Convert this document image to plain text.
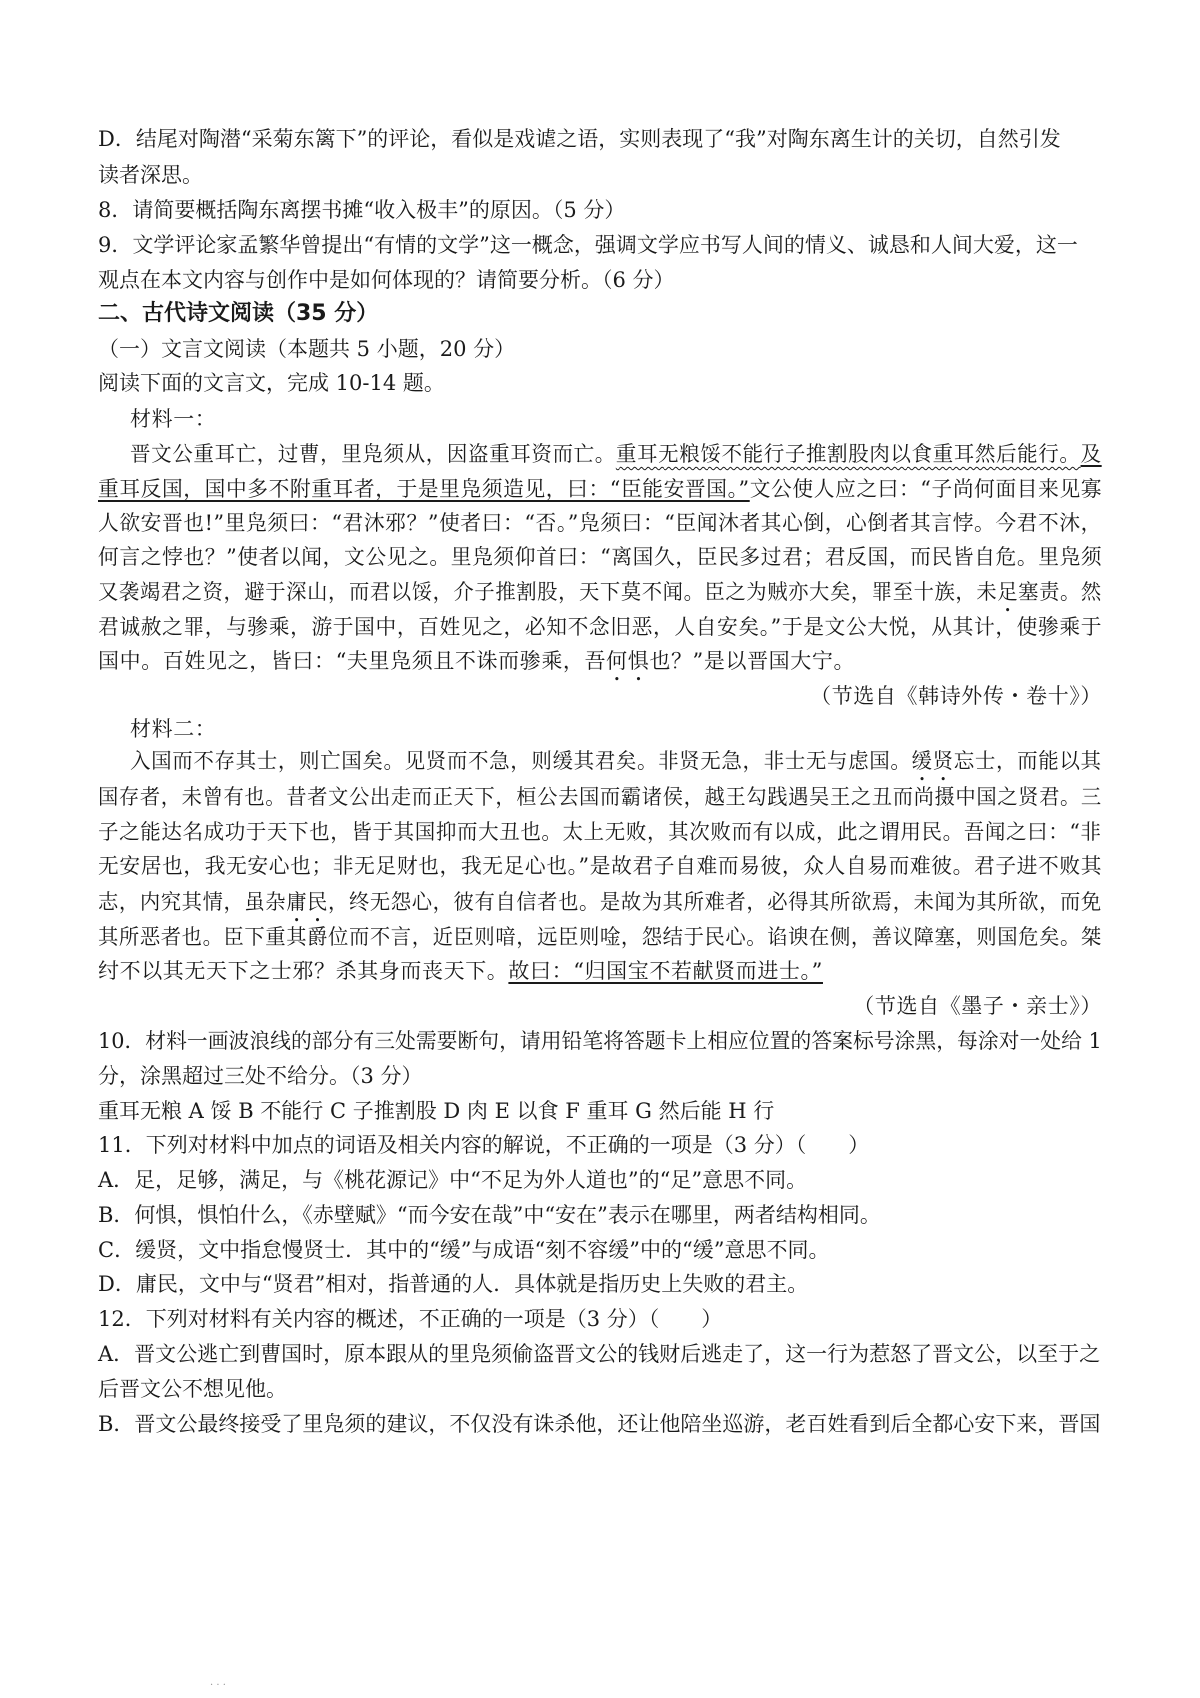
D．结尾对陶潜“采菊东篱下”的评论，看似是戏谑之语，实则表现了“我”对陶东离生计的关切，自然引发
读者深思。
8．请简要概括陶东离摆书摊“收入极丰”的原因。（5 分）
9．文学评论家孟繁华曾提出“有情的文学”这一概念，强调文学应书写人间的情义、诚恳和人间大爱，这一
观点在本文内容与创作中是如何体现的？请简要分析。（6 分）
二、古代诗文阅读（35 分）
（一）文言文阅读（本题共 5 小题，20 分）
阅读下面的文言文，完成 10-14 题。
材料一：
晋文公重耳亡，过曹，里凫须从，因盗重耳资而亡。重耳无粮馁不能行子推割股肉以食重耳然后能行。及
重耳反国，国中多不附重耳者，于是里凫须造见，曰：“臣能安晋国。”文公使人应之曰：“子尚何面目来见寡
人欲安晋也!”里凫须曰：“君沐邪？”使者曰：“否。”凫须曰：“臣闻沐者其心倒，心倒者其言悖。今君不沐，
何言之悖也？”使者以闻，文公见之。里凫须仰首曰：“离国久，臣民多过君；君反国，而民皆自危。里凫须
又袭竭君之资，避于深山，而君以馁，介子推割股，天下莫不闻。臣之为贼亦大矣，罪至十族，未足塞责。然
君诚赦之罪，与骖乘，游于国中，百姓见之，必知不念旧恶，人自安矣。”于是文公大悦，从其计，使骖乘于
国中。百姓见之，皆曰：“夫里凫须且不诛而骖乘，吾何惧也？”是以晋国大宁。
（节选自《韩诗外传・卷十》）
材料二：
入国而不存其士，则亡国矣。见贤而不急，则缓其君矣。非贤无急，非士无与虑国。缓贤忘士，而能以其
国存者，未曾有也。昔者文公出走而正天下，桓公去国而霸诸侯，越王勾践遇吴王之丑而尚摄中国之贤君。三
子之能达名成功于天下也，皆于其国抑而大丑也。太上无败，其次败而有以成，此之谓用民。吾闻之曰：“非
无安居也，我无安心也；非无足财也，我无足心也。”是故君子自难而易彼，众人自易而难彼。君子进不败其
志，内究其情，虽杂庸民，终无怨心，彼有自信者也。是故为其所难者，必得其所欲焉，未闻为其所欲，而免
其所恶者也。臣下重其爵位而不言，近臣则喑，远臣则唫，怨结于民心。谄谀在侧，善议障塞，则国危矣。桀
纣不以其无天下之士邪？杀其身而丧天下。故曰：“归国宝不若献贤而进士。”
（节选自《墨子・亲士》）
10．材料一画波浪线的部分有三处需要断句，请用铅笔将答题卡上相应位置的答案标号涂黑，每涂对一处给 1
分，涂黑超过三处不给分。（3 分）
重耳无粮 A 馁 B 不能行 C 子推割股 D 肉 E 以食 F 重耳 G 然后能 H 行
11．下列对材料中加点的词语及相关内容的解说，不正确的一项是（3 分）（　　）
A．足，足够，满足，与《桃花源记》中“不足为外人道也”的“足”意思不同。
B．何惧，惧怕什么，《赤壁赋》“而今安在哉”中“安在”表示在哪里，两者结构相同。
C．缓贤，文中指怠慢贤士．其中的“缓”与成语“刻不容缓”中的“缓”意思不同。
D．庸民，文中与“贤君”相对，指普通的人．具体就是指历史上失败的君主。
12．下列对材料有关内容的概述，不正确的一项是（3 分）（　　）
A．晋文公逃亡到曹国时，原本跟从的里凫须偷盗晋文公的钱财后逃走了，这一行为惹怒了晋文公，以至于之
后晋文公不想见他。
B．晋文公最终接受了里凫须的建议，不仅没有诛杀他，还让他陪坐巡游，老百姓看到后全都心安下来，晋国
· · ·
